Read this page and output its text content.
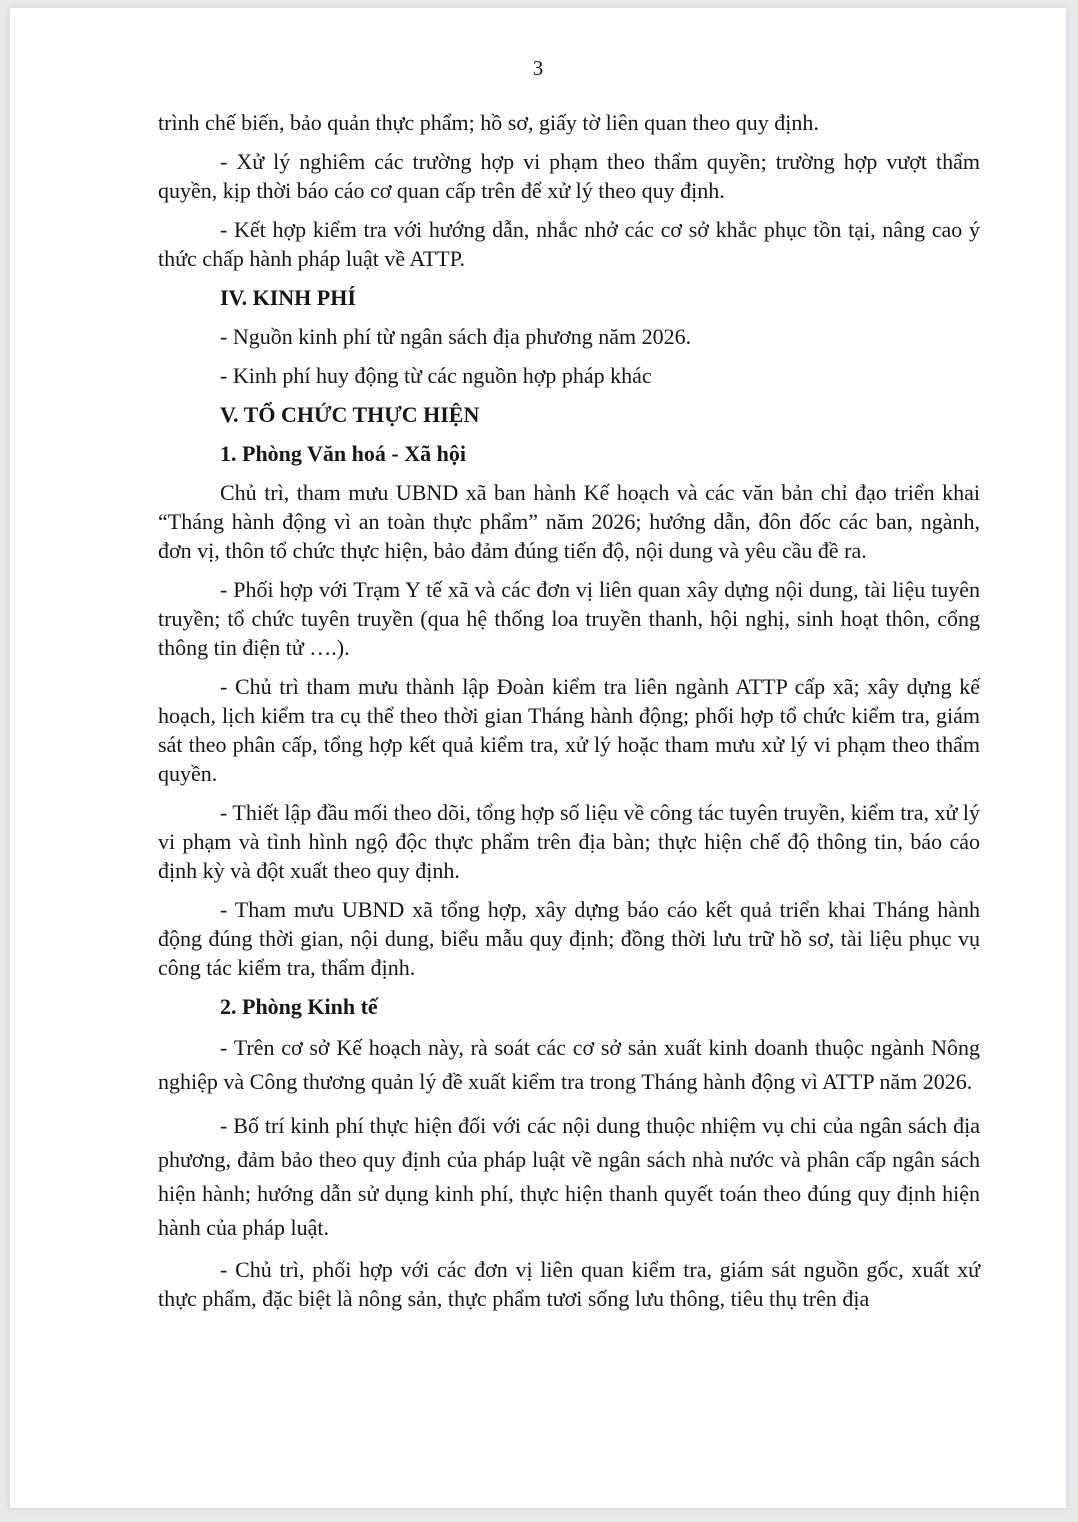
3

trình chế biến, bảo quản thực phẩm; hồ sơ, giấy tờ liên quan theo quy định.

- Xử lý nghiêm các trường hợp vi phạm theo thẩm quyền; trường hợp vượt thẩm quyền, kịp thời báo cáo cơ quan cấp trên để xử lý theo quy định.

- Kết hợp kiểm tra với hướng dẫn, nhắc nhở các cơ sở khắc phục tồn tại, nâng cao ý thức chấp hành pháp luật về ATTP.

IV. KINH PHÍ

- Nguồn kinh phí từ ngân sách địa phương năm 2026.

- Kinh phí huy động từ các nguồn hợp pháp khác

V. TỔ CHỨC THỰC HIỆN
1. Phòng Văn hoá - Xã hội

Chủ trì, tham mưu UBND xã ban hành Kế hoạch và các văn bản chỉ đạo triển khai “Tháng hành động vì an toàn thực phẩm” năm 2026; hướng dẫn, đôn đốc các ban, ngành, đơn vị, thôn tổ chức thực hiện, bảo đảm đúng tiến độ, nội dung và yêu cầu đề ra.

- Phối hợp với Trạm Y tế xã và các đơn vị liên quan xây dựng nội dung, tài liệu tuyên truyền; tổ chức tuyên truyền (qua hệ thống loa truyền thanh, hội nghị, sinh hoạt thôn, cổng thông tin điện tử ….).

- Chủ trì tham mưu thành lập Đoàn kiểm tra liên ngành ATTP cấp xã; xây dựng kế hoạch, lịch kiểm tra cụ thể theo thời gian Tháng hành động; phối hợp tổ chức kiểm tra, giám sát theo phân cấp, tổng hợp kết quả kiểm tra, xử lý hoặc tham mưu xử lý vi phạm theo thẩm quyền.

- Thiết lập đầu mối theo dõi, tổng hợp số liệu về công tác tuyên truyền, kiểm tra, xử lý vi phạm và tình hình ngộ độc thực phẩm trên địa bàn; thực hiện chế độ thông tin, báo cáo định kỳ và đột xuất theo quy định.

- Tham mưu UBND xã tổng hợp, xây dựng báo cáo kết quả triển khai Tháng hành động đúng thời gian, nội dung, biểu mẫu quy định; đồng thời lưu trữ hồ sơ, tài liệu phục vụ công tác kiểm tra, thẩm định.

2. Phòng Kinh tế

- Trên cơ sở Kế hoạch này, rà soát các cơ sở sản xuất kinh doanh thuộc ngành Nông nghiệp và Công thương quản lý đề xuất kiểm tra trong Tháng hành động vì ATTP năm 2026.

- Bố trí kinh phí thực hiện đối với các nội dung thuộc nhiệm vụ chi của ngân sách địa phương, đảm bảo theo quy định của pháp luật về ngân sách nhà nước và phân cấp ngân sách hiện hành; hướng dẫn sử dụng kinh phí, thực hiện thanh quyết toán theo đúng quy định hiện hành của pháp luật.

- Chủ trì, phối hợp với các đơn vị liên quan kiểm tra, giám sát nguồn gốc, xuất xứ thực phẩm, đặc biệt là nông sản, thực phẩm tươi sống lưu thông, tiêu thụ trên địa
